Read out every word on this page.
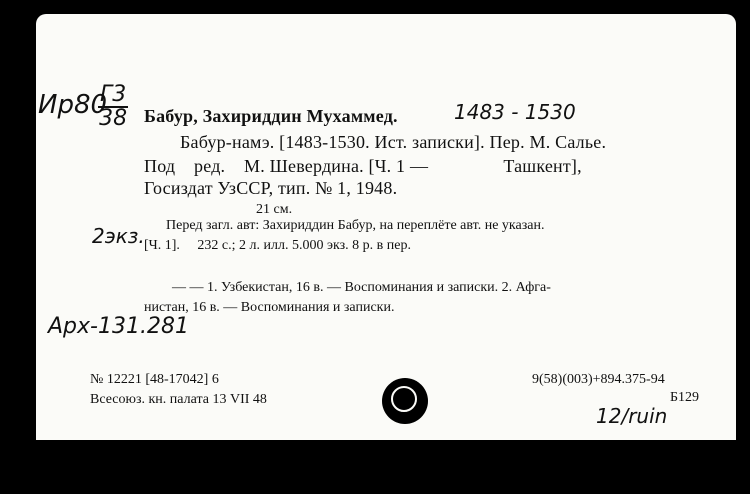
Ир80
Г3
38 Бабур, Захириддин Мухаммед.	1483 - 1530
Бабур-намэ. [1483-1530. Ист. записки]. Пер. М. Салье.
Под    ред.    М. Шевердина. [Ч. 1 —                Ташкент],
Госиздат УзССР, тип. № 1, 1948.
21 см.
2экз. Перед загл. авт: Захириддин Бабур, на переплёте авт. не указан.
[Ч. 1].     232 с.; 2 л. илл. 5.000 экз. 8 р. в пер.
— — 1. Узбекистан, 16 в. — Воспоминания и записки. 2. Афга-
нистан, 16 в. — Воспоминания и записки.
Арх-131.281
№ 12221 [48-17042] 6
Всесоюз. кн. палата 13 VII 48
9(58)(003)+894.375-94
Б129
12/ruin
